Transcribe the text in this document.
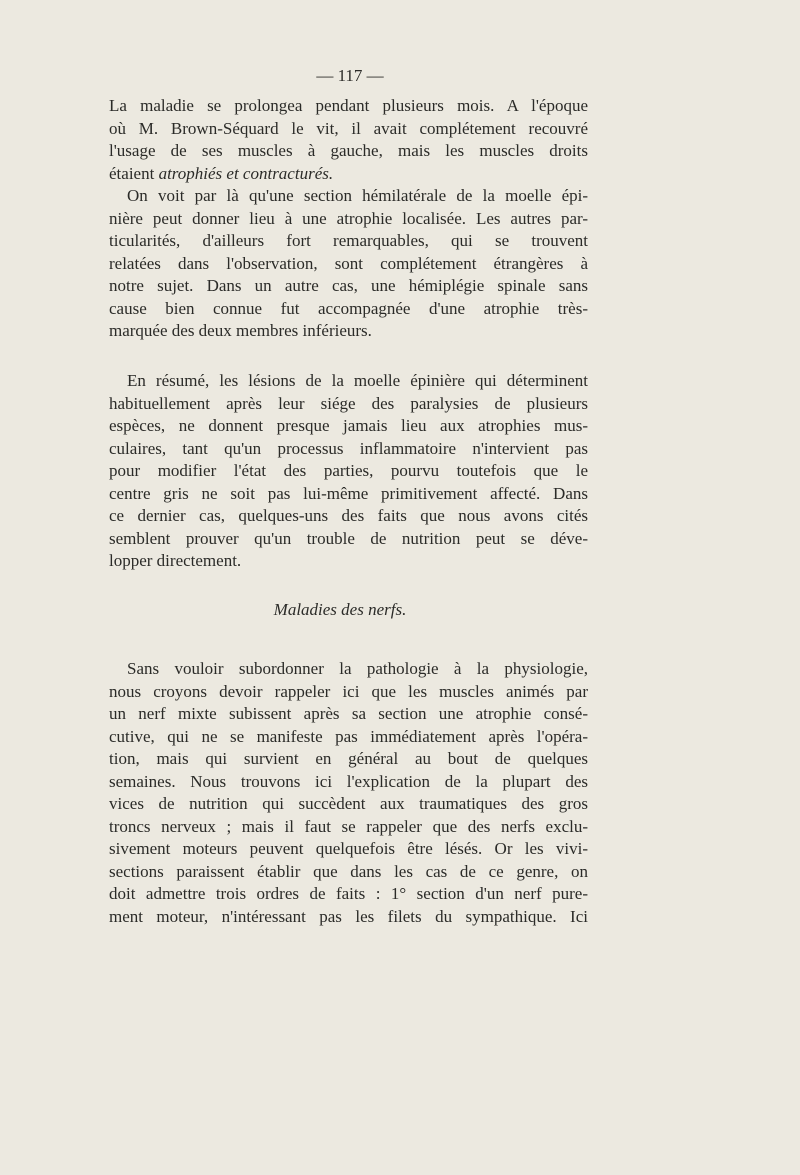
— 117 —
La maladie se prolongea pendant plusieurs mois. A l'époque
où M. Brown-Séquard le vit, il avait complétement recouvré
l'usage de ses muscles à gauche, mais les muscles droits
étaient atrophiés et contracturés.
On voit par là qu'une section hémilatérale de la moelle épi-
nière peut donner lieu à une atrophie localisée. Les autres par-
ticularités, d'ailleurs fort remarquables, qui se trouvent
relatées dans l'observation, sont complétement étrangères à
notre sujet. Dans un autre cas, une hémiplégie spinale sans
cause bien connue fut accompagnée d'une atrophie très-
marquée des deux membres inférieurs.
En résumé, les lésions de la moelle épinière qui déterminent
habituellement après leur siége des paralysies de plusieurs
espèces, ne donnent presque jamais lieu aux atrophies mus-
culaires, tant qu'un processus inflammatoire n'intervient pas
pour modifier l'état des parties, pourvu toutefois que le
centre gris ne soit pas lui-même primitivement affecté. Dans
ce dernier cas, quelques-uns des faits que nous avons cités
semblent prouver qu'un trouble de nutrition peut se déve-
lopper directement.
Maladies des nerfs.
Sans vouloir subordonner la pathologie à la physiologie,
nous croyons devoir rappeler ici que les muscles animés par
un nerf mixte subissent après sa section une atrophie consé-
cutive, qui ne se manifeste pas immédiatement après l'opéra-
tion, mais qui survient en général au bout de quelques
semaines. Nous trouvons ici l'explication de la plupart des
vices de nutrition qui succèdent aux traumatiques des gros
troncs nerveux ; mais il faut se rappeler que des nerfs exclu-
sivement moteurs peuvent quelquefois être lésés. Or les vivi-
sections paraissent établir que dans les cas de ce genre, on
doit admettre trois ordres de faits : 1° section d'un nerf pure-
ment moteur, n'intéressant pas les filets du sympathique. Ici
